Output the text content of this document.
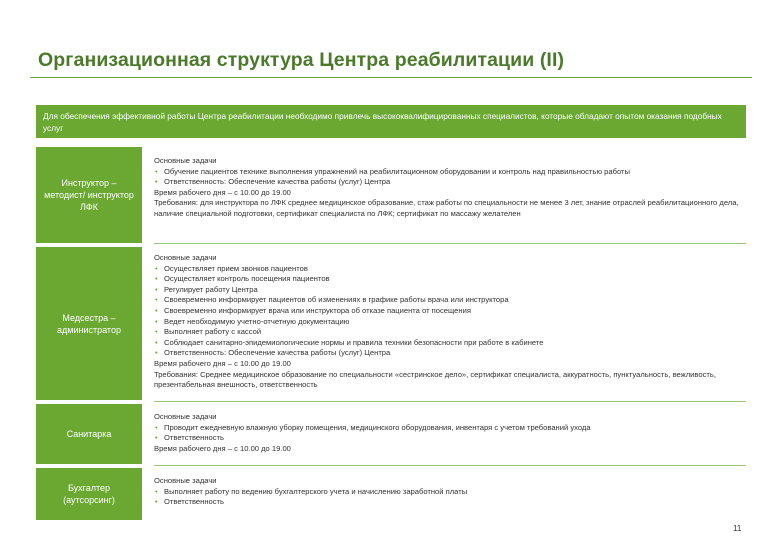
Организационная структура Центра реабилитации (II)
Для обеспечения эффективной работы Центра реабилитации необходимо привлечь высококвалифицированных специалистов, которые обладают опытом оказания подобных услуг
Инструктор – методист/ инструктор ЛФК
Основные задачи
• Обучение пациентов технике выполнения упражнений на реабилитационном оборудовании и контроль над правильностью работы
• Ответственность: Обеспечение качества работы (услуг) Центра
Время рабочего дня – с 10.00 до 19.00
Требования: для инструктора по ЛФК среднее медицинское образование, стаж работы по специальности не менее 3 лет, знание отраслей реабилитационного дела, наличие специальной подготовки, сертификат специалиста по ЛФК; сертификат по массажу желателен
Медсестра – администратор
Основные задачи
• Осуществляет прием звонков пациентов
• Осуществляет контроль посещения пациентов
• Регулирует работу Центра
• Своевременно информирует пациентов об изменениях в графике работы врача или инструктора
• Своевременно информирует врача или инструктора об отказе пациента от посещения
• Ведет необходимую учетно-отчетную документацию
• Выполняет работу с кассой
• Соблюдает санитарно-эпидемиологические нормы и правила техники безопасности при работе в кабинете
• Ответственность: Обеспечение качества работы (услуг) Центра
Время рабочего дня – с 10.00 до 19.00
Требования: Среднее медицинское образование по специальности «сестринское дело», сертификат специалиста, аккуратность, пунктуальность, вежливость, презентабельная внешность, ответственность
Санитарка
Основные задачи
• Проводит ежедневную влажную уборку помещения, медицинского оборудования, инвентаря с учетом требований ухода
• Ответственность
Время рабочего дня – с 10.00 до 19.00
Бухгалтер (аутсорсинг)
Основные задачи
• Выполняет работу по ведению бухгалтерского учета и начислению заработной платы
• Ответственность
11
